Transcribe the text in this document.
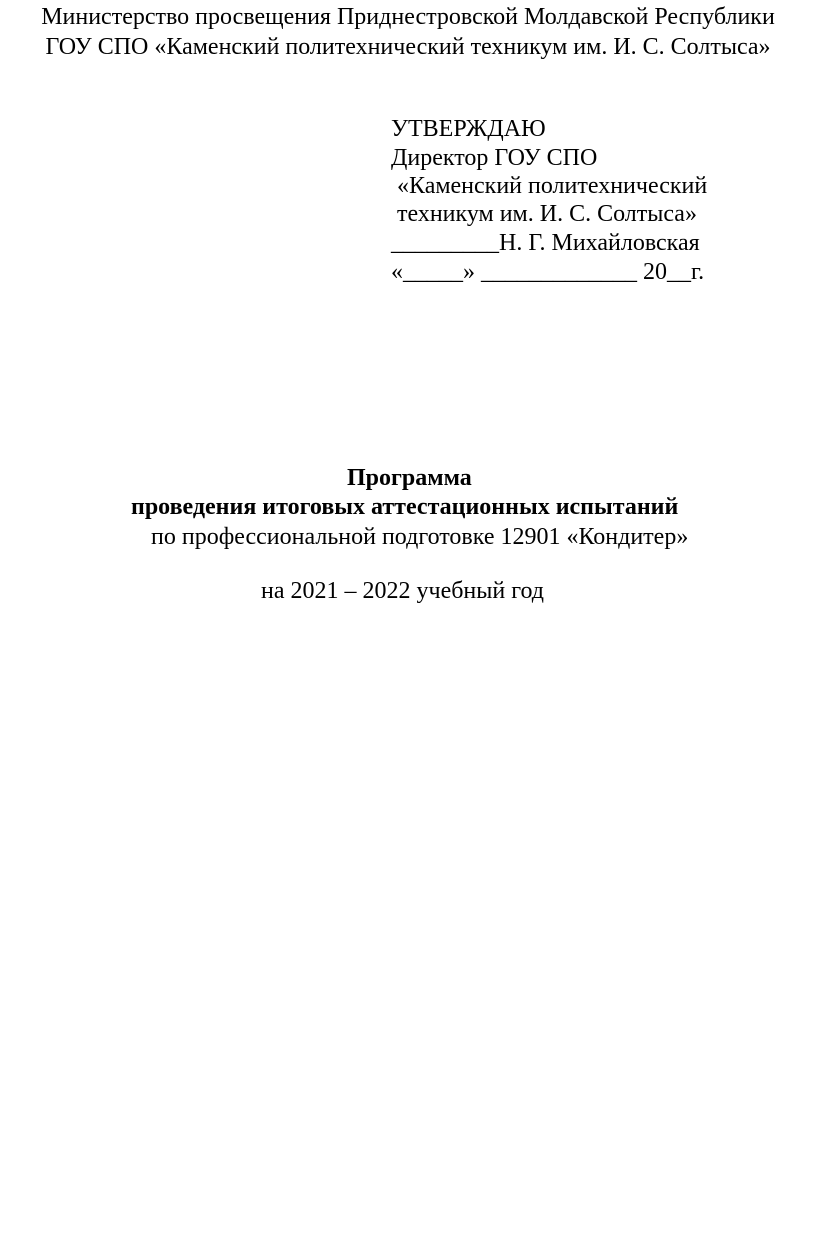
Министерство просвещения Приднестровской Молдавской Республики
ГОУ СПО «Каменский политехнический техникум им. И. С. Солтыса»
УТВЕРЖДАЮ
Директор ГОУ СПО
«Каменский политехнический
техникум им. И. С. Солтыса»
_________Н. Г. Михайловская
«_____» _____________ 20__г.
Программа
проведения итоговых аттестационных испытаний
по профессиональной подготовке 12901 «Кондитер»
на 2021 – 2022 учебный год
